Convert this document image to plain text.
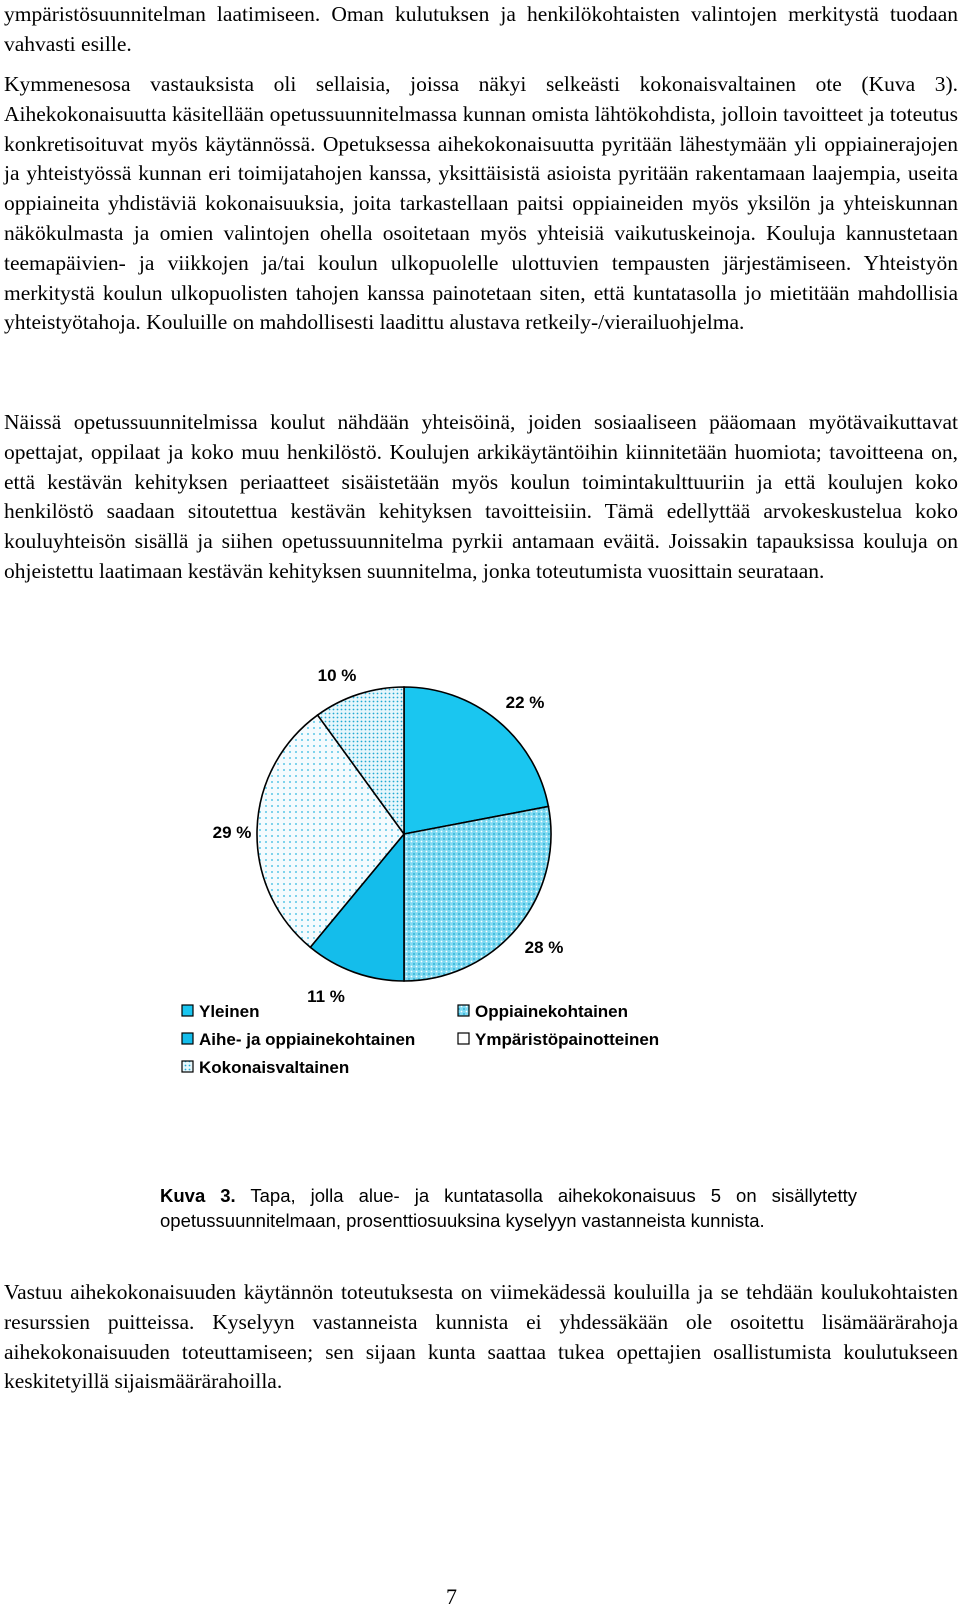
ympäristösuunnitelman laatimiseen. Oman kulutuksen ja henkilökohtaisten valintojen merkitystä tuodaan vahvasti esille.

Kymmenesosa vastauksista oli sellaisia, joissa näkyi selkeästi kokonaisvaltainen ote (Kuva 3). Aihekokonaisuutta käsitellään opetussuunnitelmassa kunnan omista lähtökohdista, jolloin tavoitteet ja toteutus konkretisoituvat myös käytännössä. Opetuksessa aihekokonaisuutta pyritään lähestymään yli oppiainerajojen ja yhteistyössä kunnan eri toimijatahojen kanssa, yksittäisistä asioista pyritään rakentamaan laajempia, useita oppiaineita yhdistäviä kokonaisuuksia, joita tarkastellaan paitsi oppiaineiden myös yksilön ja yhteiskunnan näkökulmasta ja omien valintojen ohella osoitetaan myös yhteisiä vaikutuskeinoja. Kouluja kannustetaan teemapäivien- ja viikkojen ja/tai koulun ulkopuolelle ulottuvien tempausten järjestämiseen. Yhteistyön merkitystä koulun ulkopuolisten tahojen kanssa painotetaan siten, että kuntatasolla jo mietitään mahdollisia yhteistyötahoja. Kouluille on mahdollisesti laadittu alustava retkeily-/vierailuohjelma.

Näissä opetussuunnitelmissa koulut nähdään yhteisöinä, joiden sosiaaliseen pääomaan myötävaikuttavat opettajat, oppilaat ja koko muu henkilöstö. Koulujen arkikäytäntöihin kiinnitetään huomiota; tavoitteena on, että kestävän kehityksen periaatteet sisäistetään myös koulun toimintakulttuuriin ja että koulujen koko henkilöstö saadaan sitoutettua kestävän kehityksen tavoitteisiin. Tämä edellyttää arvokeskustelua koko kouluyhteisön sisällä ja siihen opetussuunnitelma pyrkii antamaan eväitä. Joissakin tapauksissa kouluja on ohjeistettu laatimaan kestävän kehityksen suunnitelma, jonka toteutumista vuosittain seurataan.

22 %
28 %
11 %
29 %
10 %
Yleinen	Oppiainekohtainen
Aihe- ja oppiainekohtainen	Ympäristöpainotteinen
Kokonaisvaltainen

Kuva 3. Tapa, jolla alue- ja kuntatasolla aihekokonaisuus 5 on sisällytetty opetussuunnitelmaan, prosenttiosuuksina kyselyyn vastanneista kunnista.

Vastuu aihekokonaisuuden käytännön toteutuksesta on viimekädessä kouluilla ja se tehdään koulukohtaisten resurssien puitteissa. Kyselyyn vastanneista kunnista ei yhdessäkään ole osoitettu lisämäärärahoja aihekokonaisuuden toteuttamiseen; sen sijaan kunta saattaa tukea opettajien osallistumista koulutukseen keskitetyillä sijaismäärärahoilla.

7
